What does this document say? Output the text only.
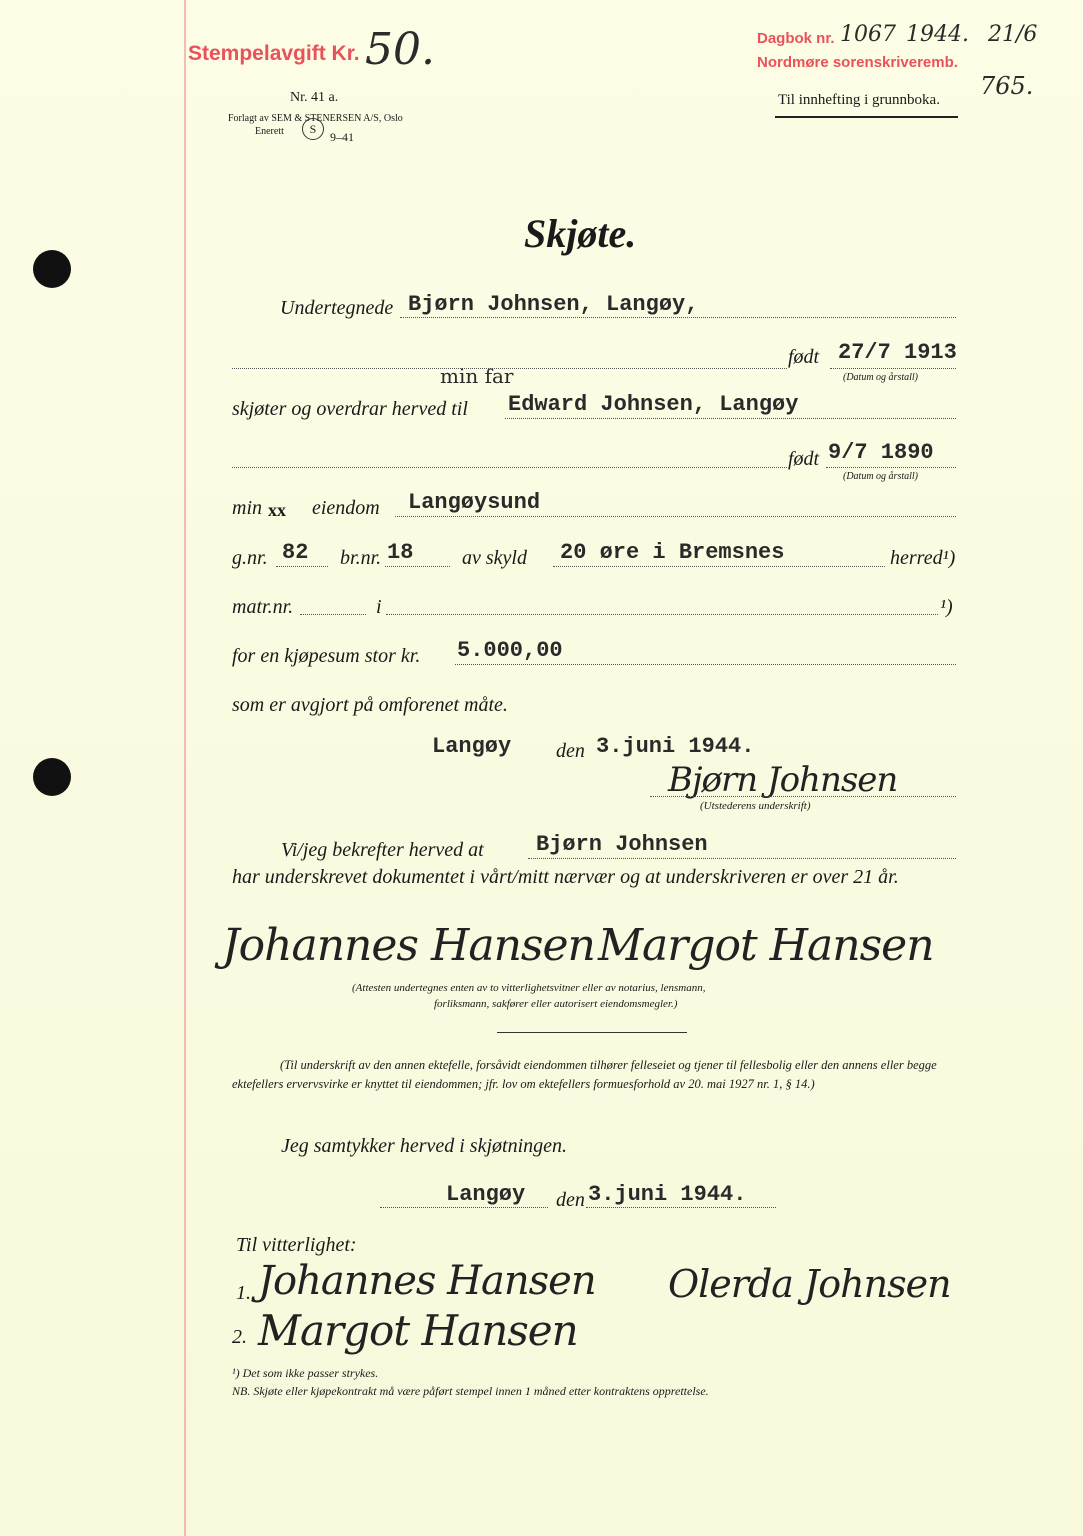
Stempelavgift Kr. 50.
Nr. 41 a.
Forlagt av SEM & STENERSEN A/S, Oslo
Enerett	S
9–41
Dagbok nr. 1067 1944. 21/6
Nordmøre sorenskriveremb.
Til innhefting i grunnboka. 765.
Skjøte.
Undertegnede Bjørn Johnsen, Langøy,
født 27/7 1913
(Datum og årstall)
min far
skjøter og overdrar herved til Edward Johnsen, Langøy
født 9/7 1890
(Datum og årstall)
min xx eiendom Langøysund
g.nr. 82 br.nr. 18 av skyld 20 øre i Bremsnes	herred¹)
matr.nr.	i	¹)
for en kjøpesum stor kr. 5.000,00
som er avgjort på omforenet måte.
Langøy den 3.juni 1944.
Bjørn Johnsen
(Utstederens underskrift)
Vi/jeg bekrefter herved at Bjørn Johnsen
har underskrevet dokumentet i vårt/mitt nærvær og at underskriveren er over 21 år.
Johannes Hansen Margot Hansen
(Attesten undertegnes enten av to vitterlighetsvitner eller av notarius, lensmann,
forliksmann, sakfører eller autorisert eiendomsmegler.)
(Til underskrift av den annen ektefelle, forsåvidt eiendommen tilhører felleseiet og tjener til fellesbolig eller den annens eller begge ektefellers ervervsvirke er knyttet til eiendommen; jfr. lov om ektefellers formuesforhold av 20. mai 1927 nr. 1, § 14.)
Jeg samtykker herved i skjøtningen.
Langøy den 3.juni 1944.
Til vitterlighet:
1. Johannes Hansen Olerda Johnsen
2. Margot Hansen
¹) Det som ikke passer strykes.
NB. Skjøte eller kjøpekontrakt må være påført stempel innen 1 måned etter kontraktens opprettelse.
